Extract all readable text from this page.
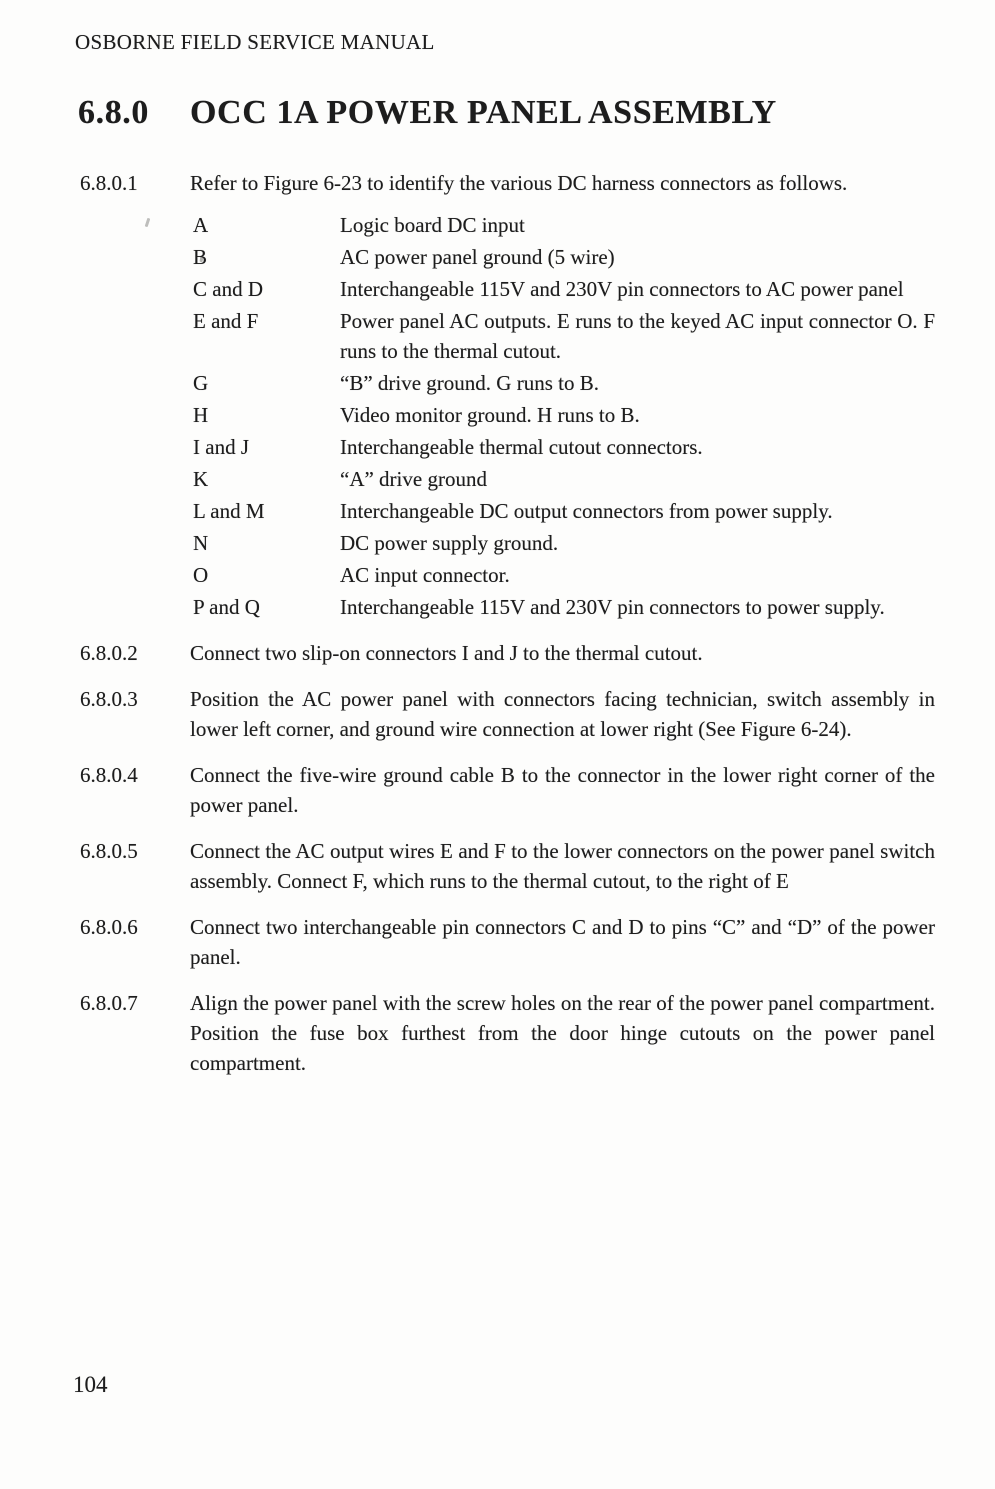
OSBORNE FIELD SERVICE MANUAL
6.8.0 OCC 1A POWER PANEL ASSEMBLY
6.8.0.1	Refer to Figure 6-23 to identify the various DC harness connectors as follows.
A	Logic board DC input
B	AC power panel ground (5 wire)
C and D	Interchangeable 115V and 230V pin connectors to AC power panel
E and F	Power panel AC outputs. E runs to the keyed AC input connector O. F runs to the thermal cutout.
G	“B” drive ground. G runs to B.
H	Video monitor ground. H runs to B.
I and J	Interchangeable thermal cutout connectors.
K	“A” drive ground
L and M	Interchangeable DC output connectors from power supply.
N	DC power supply ground.
O	AC input connector.
P and Q	Interchangeable 115V and 230V pin connectors to power supply.
6.8.0.2	Connect two slip-on connectors I and J to the thermal cutout.
6.8.0.3	Position the AC power panel with connectors facing technician, switch assembly in lower left corner, and ground wire connection at lower right (See Figure 6-24).
6.8.0.4	Connect the five-wire ground cable B to the connector in the lower right corner of the power panel.
6.8.0.5	Connect the AC output wires E and F to the lower connectors on the power panel switch assembly. Connect F, which runs to the thermal cutout, to the right of E
6.8.0.6	Connect two interchangeable pin connectors C and D to pins “C” and “D” of the power panel.
6.8.0.7	Align the power panel with the screw holes on the rear of the power panel compartment. Position the fuse box furthest from the door hinge cutouts on the power panel compartment.
104
